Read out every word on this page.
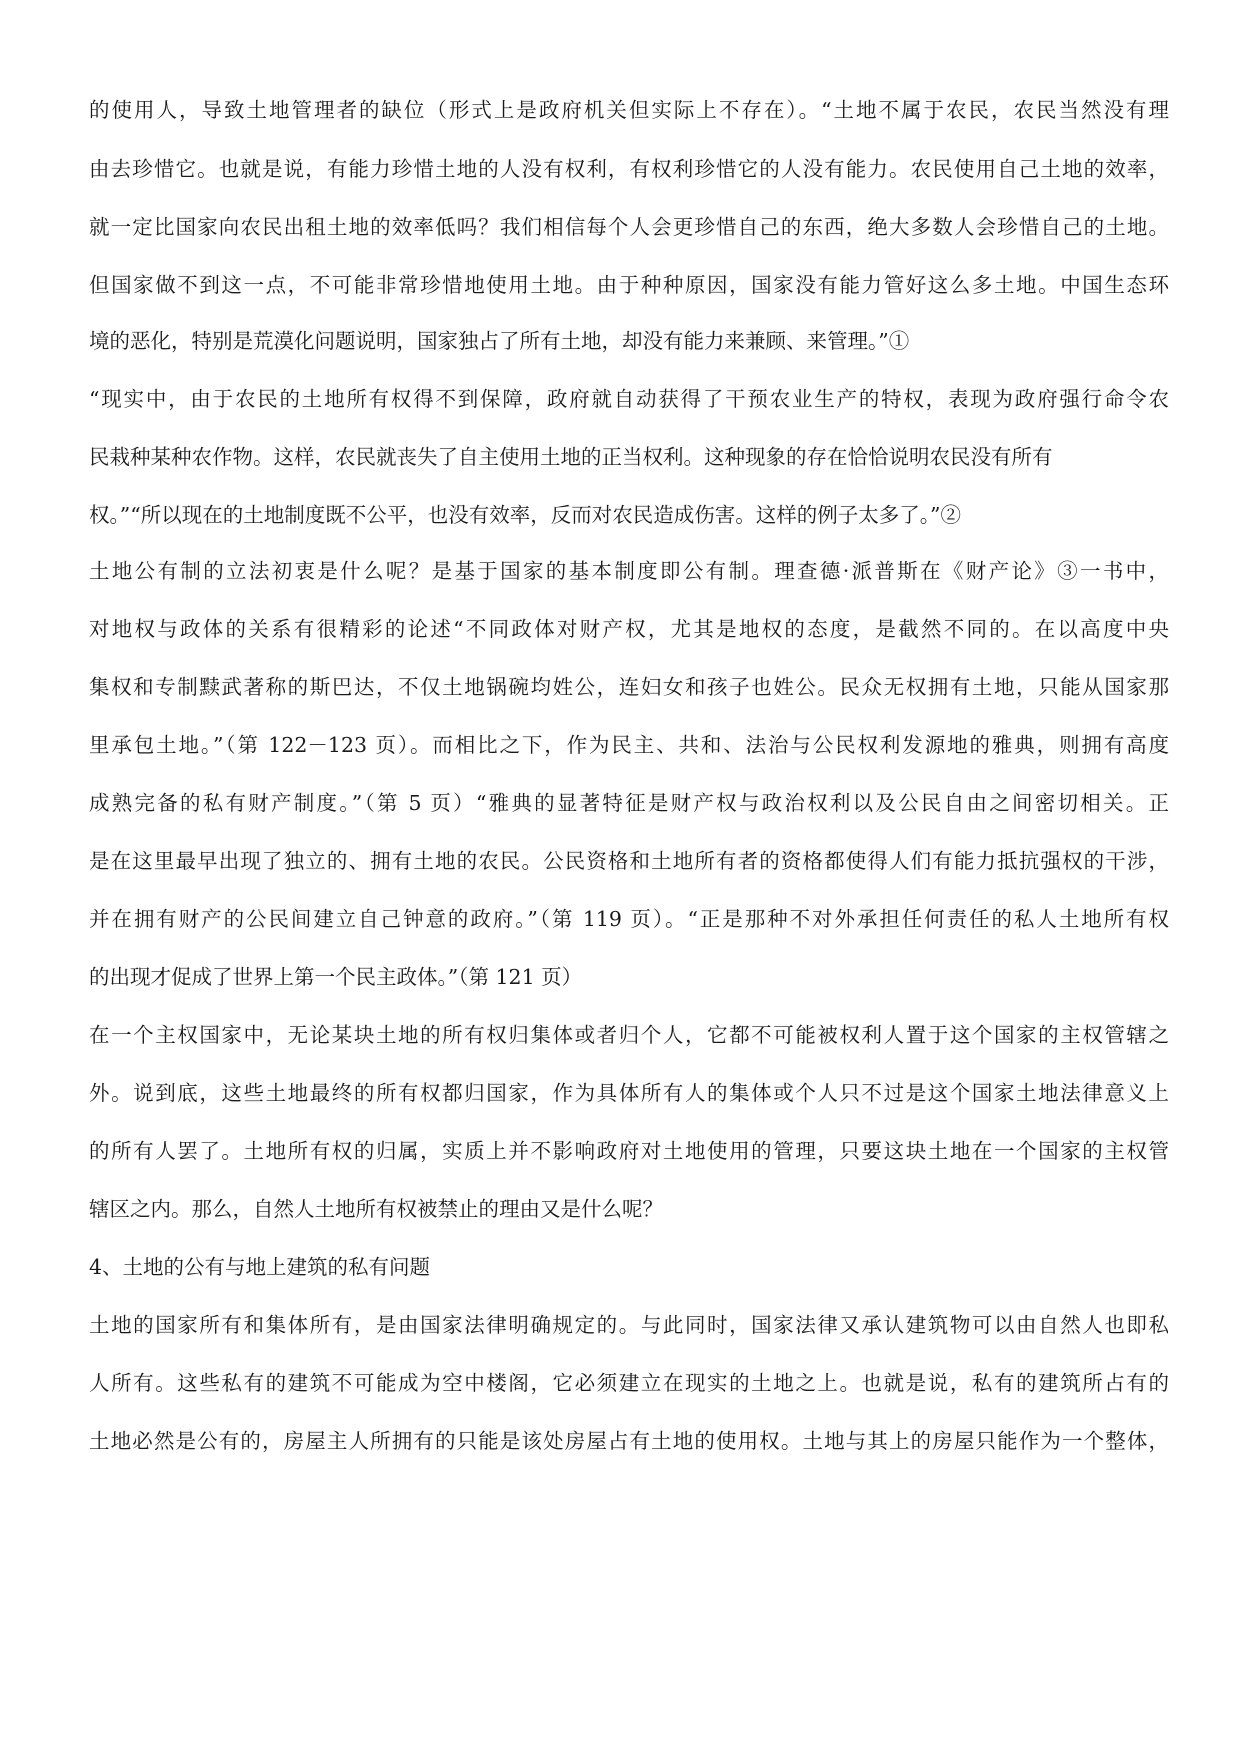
的使用人，导致土地管理者的缺位（形式上是政府机关但实际上不存在）。“土地不属于农民，农民当然没有理
由去珍惜它。也就是说，有能力珍惜土地的人没有权利，有权利珍惜它的人没有能力。农民使用自己土地的效率，
就一定比国家向农民出租土地的效率低吗？我们相信每个人会更珍惜自己的东西，绝大多数人会珍惜自己的土地。
但国家做不到这一点，不可能非常珍惜地使用土地。由于种种原因，国家没有能力管好这么多土地。中国生态环
境的恶化，特别是荒漠化问题说明，国家独占了所有土地，却没有能力来兼顾、来管理。”①
“现实中，由于农民的土地所有权得不到保障，政府就自动获得了干预农业生产的特权，表现为政府强行命令农
民栽种某种农作物。这样，农民就丧失了自主使用土地的正当权利。这种现象的存在恰恰说明农民没有所有
权。”“所以现在的土地制度既不公平，也没有效率，反而对农民造成伤害。这样的例子太多了。”②
土地公有制的立法初衷是什么呢？是基于国家的基本制度即公有制。理查德·派普斯在《财产论》③一书中，
对地权与政体的关系有很精彩的论述“不同政体对财产权，尤其是地权的态度，是截然不同的。在以高度中央
集权和专制黩武著称的斯巴达，不仅土地锅碗均姓公，连妇女和孩子也姓公。民众无权拥有土地，只能从国家那
里承包土地。”（第 122－123 页）。而相比之下，作为民主、共和、法治与公民权利发源地的雅典，则拥有高度
成熟完备的私有财产制度。”（第 5 页）“雅典的显著特征是财产权与政治权利以及公民自由之间密切相关。正
是在这里最早出现了独立的、拥有土地的农民。公民资格和土地所有者的资格都使得人们有能力抵抗强权的干涉，
并在拥有财产的公民间建立自己钟意的政府。”（第 119 页）。“正是那种不对外承担任何责任的私人土地所有权
的出现才促成了世界上第一个民主政体。”（第 121 页）
在一个主权国家中，无论某块土地的所有权归集体或者归个人，它都不可能被权利人置于这个国家的主权管辖之
外。说到底，这些土地最终的所有权都归国家，作为具体所有人的集体或个人只不过是这个国家土地法律意义上
的所有人罢了。土地所有权的归属，实质上并不影响政府对土地使用的管理，只要这块土地在一个国家的主权管
辖区之内。那么，自然人土地所有权被禁止的理由又是什么呢？
4、土地的公有与地上建筑的私有问题
土地的国家所有和集体所有，是由国家法律明确规定的。与此同时，国家法律又承认建筑物可以由自然人也即私
人所有。这些私有的建筑不可能成为空中楼阁，它必须建立在现实的土地之上。也就是说，私有的建筑所占有的
土地必然是公有的，房屋主人所拥有的只能是该处房屋占有土地的使用权。土地与其上的房屋只能作为一个整体，
